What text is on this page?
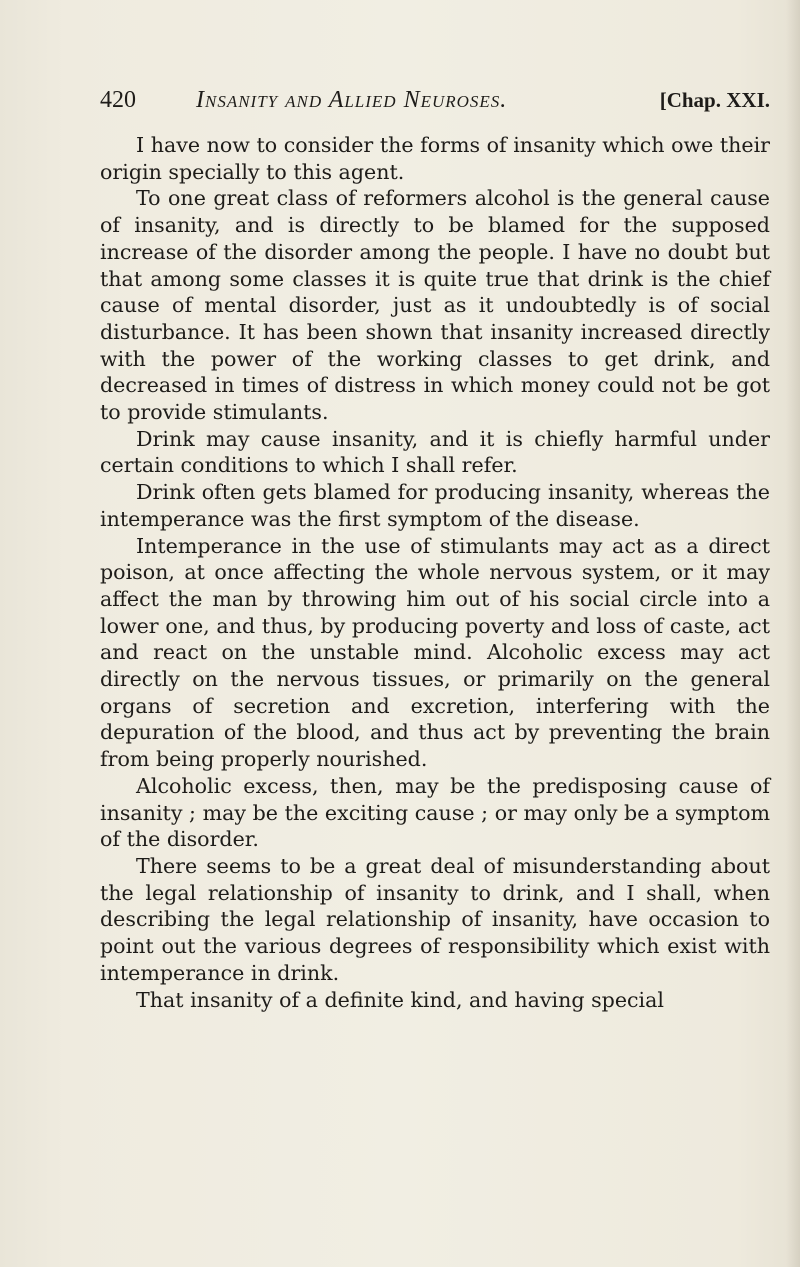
420	Insanity and Allied Neuroses.	[Chap. XXI.

I have now to consider the forms of insanity which owe their origin specially to this agent.

To one great class of reformers alcohol is the general cause of insanity, and is directly to be blamed for the supposed increase of the disorder among the people. I have no doubt but that among some classes it is quite true that drink is the chief cause of mental disorder, just as it undoubtedly is of social disturbance. It has been shown that insanity increased directly with the power of the working classes to get drink, and decreased in times of distress in which money could not be got to provide stimulants.

Drink may cause insanity, and it is chiefly harmful under certain conditions to which I shall refer.

Drink often gets blamed for producing insanity, whereas the intemperance was the first symptom of the disease.

Intemperance in the use of stimulants may act as a direct poison, at once affecting the whole nervous system, or it may affect the man by throwing him out of his social circle into a lower one, and thus, by producing poverty and loss of caste, act and react on the unstable mind. Alcoholic excess may act directly on the nervous tissues, or primarily on the general organs of secretion and excretion, interfering with the depuration of the blood, and thus act by preventing the brain from being properly nourished.

Alcoholic excess, then, may be the predisposing cause of insanity ; may be the exciting cause ; or may only be a symptom of the disorder.

There seems to be a great deal of misunderstanding about the legal relationship of insanity to drink, and I shall, when describing the legal relationship of insanity, have occasion to point out the various degrees of responsibility which exist with intemperance in drink.

That insanity of a definite kind, and having special
